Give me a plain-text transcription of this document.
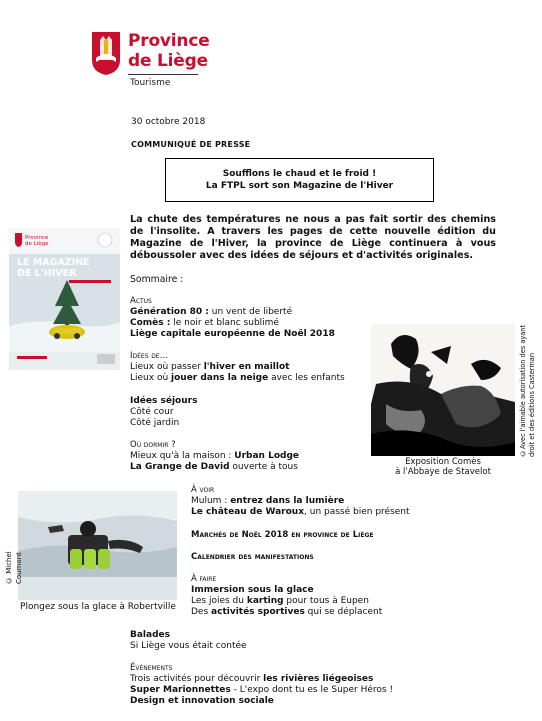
Province
de Liège
Tourisme
30 octobre 2018
COMMUNIQUÉ DE PRESSE
Soufflons le chaud et le froid !
La FTPL sort son Magazine de l'Hiver
La chute des températures ne nous a pas fait sortir des chemins de l'insolite. A travers les pages de cette nouvelle édition du Magazine de l'Hiver, la province de Liège continuera à vous déboussoler avec des idées de séjours et d'activités originales.
Sommaire :
Actus
Génération 80 : un vent de liberté
Comès : le noir et blanc sublimé
Liège capitale européenne de Noël 2018
Idées de…
Lieux où passer l'hiver en maillot
Lieux où jouer dans la neige avec les enfants
Idées séjours
Côté cour
Côté jardin
Où dormir ?
Mieux qu'à la maison : Urban Lodge
La Grange de David ouverte à tous
À voir
Mulum : entrez dans la lumière
Le château de Waroux, un passé bien présent
Marchés de Noël 2018 en province de Liège
Calendrier des manifestations
À faire
Immersion sous la glace
Les joies du karting pour tous à Eupen
Des activités sportives qui se déplacent
Balades
Si Liège vous était contée
Événements
Trois activités pour découvrir les rivières liégeoises
Super Marionnettes - L'expo dont tu es le Super Héros !
Design et innovation sociale
Province
de Liège
LE MAGAZINE
DE L'HIVER
Exposition Comès
à l'Abbaye de Stavelot
©Avec l'aimable autorisation des ayant droit et des éditions Casterman
Plongez sous la glace à Robertville
© Michel Coumont
